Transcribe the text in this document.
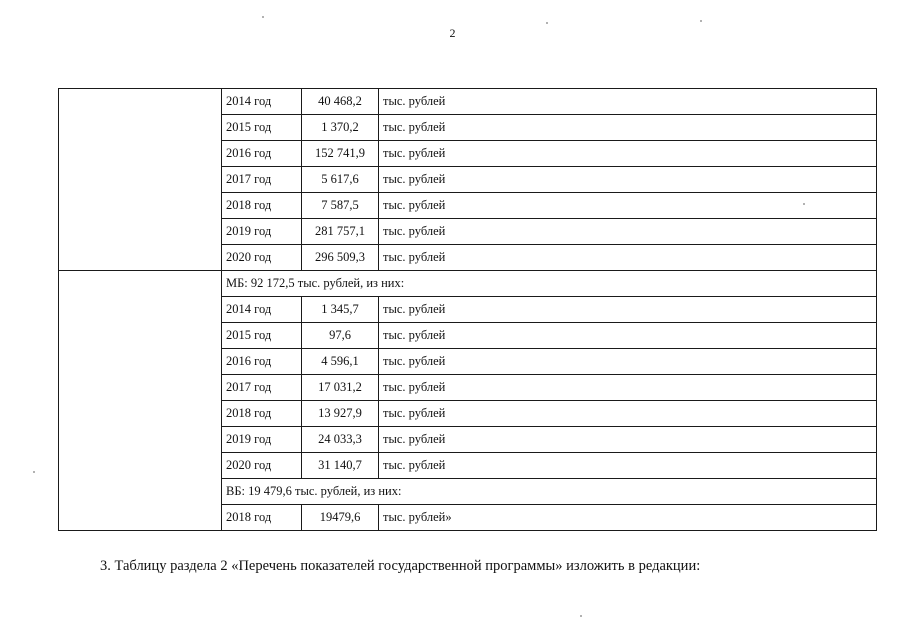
2
	2014 год	40 468,2	тыс. рублей
	2015 год	1 370,2	тыс. рублей
	2016 год	152 741,9	тыс. рублей
	2017 год	5 617,6	тыс. рублей
	2018 год	7 587,5	тыс. рублей
	2019 год	281 757,1	тыс. рублей
	2020 год	296 509,3	тыс. рублей
	МБ: 92 172,5 тыс. рублей, из них:		
	2014 год	1 345,7	тыс. рублей
	2015 год	97,6	тыс. рублей
	2016 год	4 596,1	тыс. рублей
	2017 год	17 031,2	тыс. рублей
	2018 год	13 927,9	тыс. рублей
	2019 год	24 033,3	тыс. рублей
	2020 год	31 140,7	тыс. рублей
	ВБ: 19 479,6 тыс. рублей, из них:		
	2018 год	19479,6	тыс. рублей»
3. Таблицу раздела 2 «Перечень показателей государственной программы» изложить в редакции:
